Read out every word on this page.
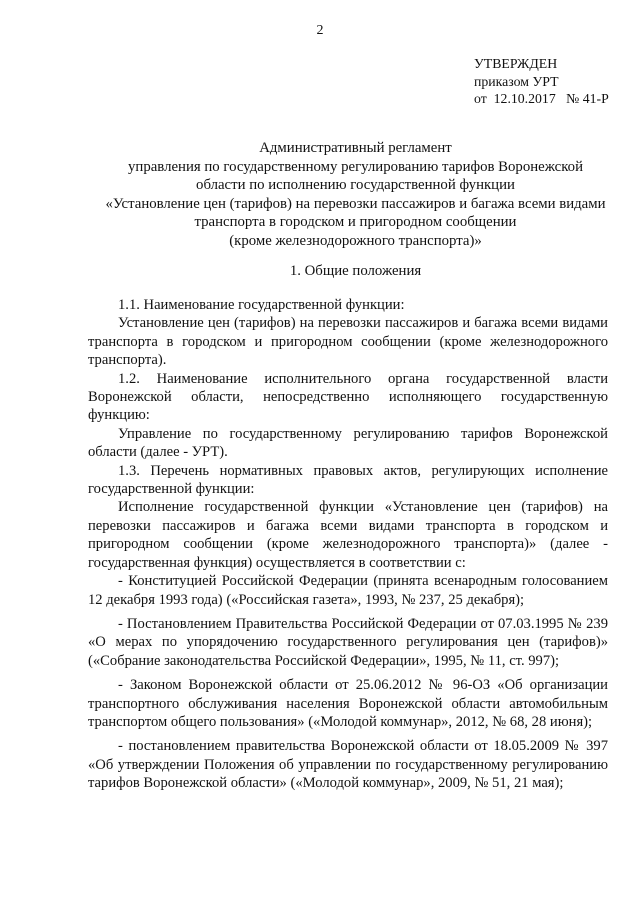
2
УТВЕРЖДЕН
приказом УРТ
от  12.10.2017   № 41-Р
Административный регламент
управления по государственному регулированию тарифов Воронежской
области по исполнению государственной функции
«Установление цен (тарифов) на перевозки пассажиров и багажа всеми видами
транспорта в городском и пригородном сообщении
(кроме железнодорожного транспорта)»
1. Общие положения

1.1. Наименование государственной функции:

Установление цен (тарифов) на перевозки пассажиров и багажа всеми видами транспорта в городском и пригородном сообщении (кроме железнодорожного транспорта).

1.2. Наименование исполнительного органа государственной власти Воронежской области, непосредственно исполняющего государственную функцию:

Управление по государственному регулированию тарифов Воронежской области (далее - УРТ).

1.3. Перечень нормативных правовых актов, регулирующих исполнение государственной функции:

Исполнение государственной функции «Установление цен (тарифов) на перевозки пассажиров и багажа всеми видами транспорта в городском и пригородном сообщении (кроме железнодорожного транспорта)» (далее - государственная функция) осуществляется в соответствии с:

- Конституцией Российской Федерации (принята всенародным голосованием 12 декабря 1993 года) («Российская газета», 1993, № 237, 25 декабря);

- Постановлением Правительства Российской Федерации от 07.03.1995 № 239 «О мерах по упорядочению государственного регулирования цен (тарифов)» («Собрание законодательства Российской Федерации», 1995, № 11, ст. 997);

- Законом Воронежской области от 25.06.2012 № 96-ОЗ «Об организации транспортного обслуживания населения Воронежской области автомобильным транспортом общего пользования» («Молодой коммунар», 2012, № 68, 28 июня);

- постановлением правительства Воронежской области от 18.05.2009 № 397 «Об утверждении Положения об управлении по государственному регулированию тарифов Воронежской области» («Молодой коммунар», 2009, № 51, 21 мая);
